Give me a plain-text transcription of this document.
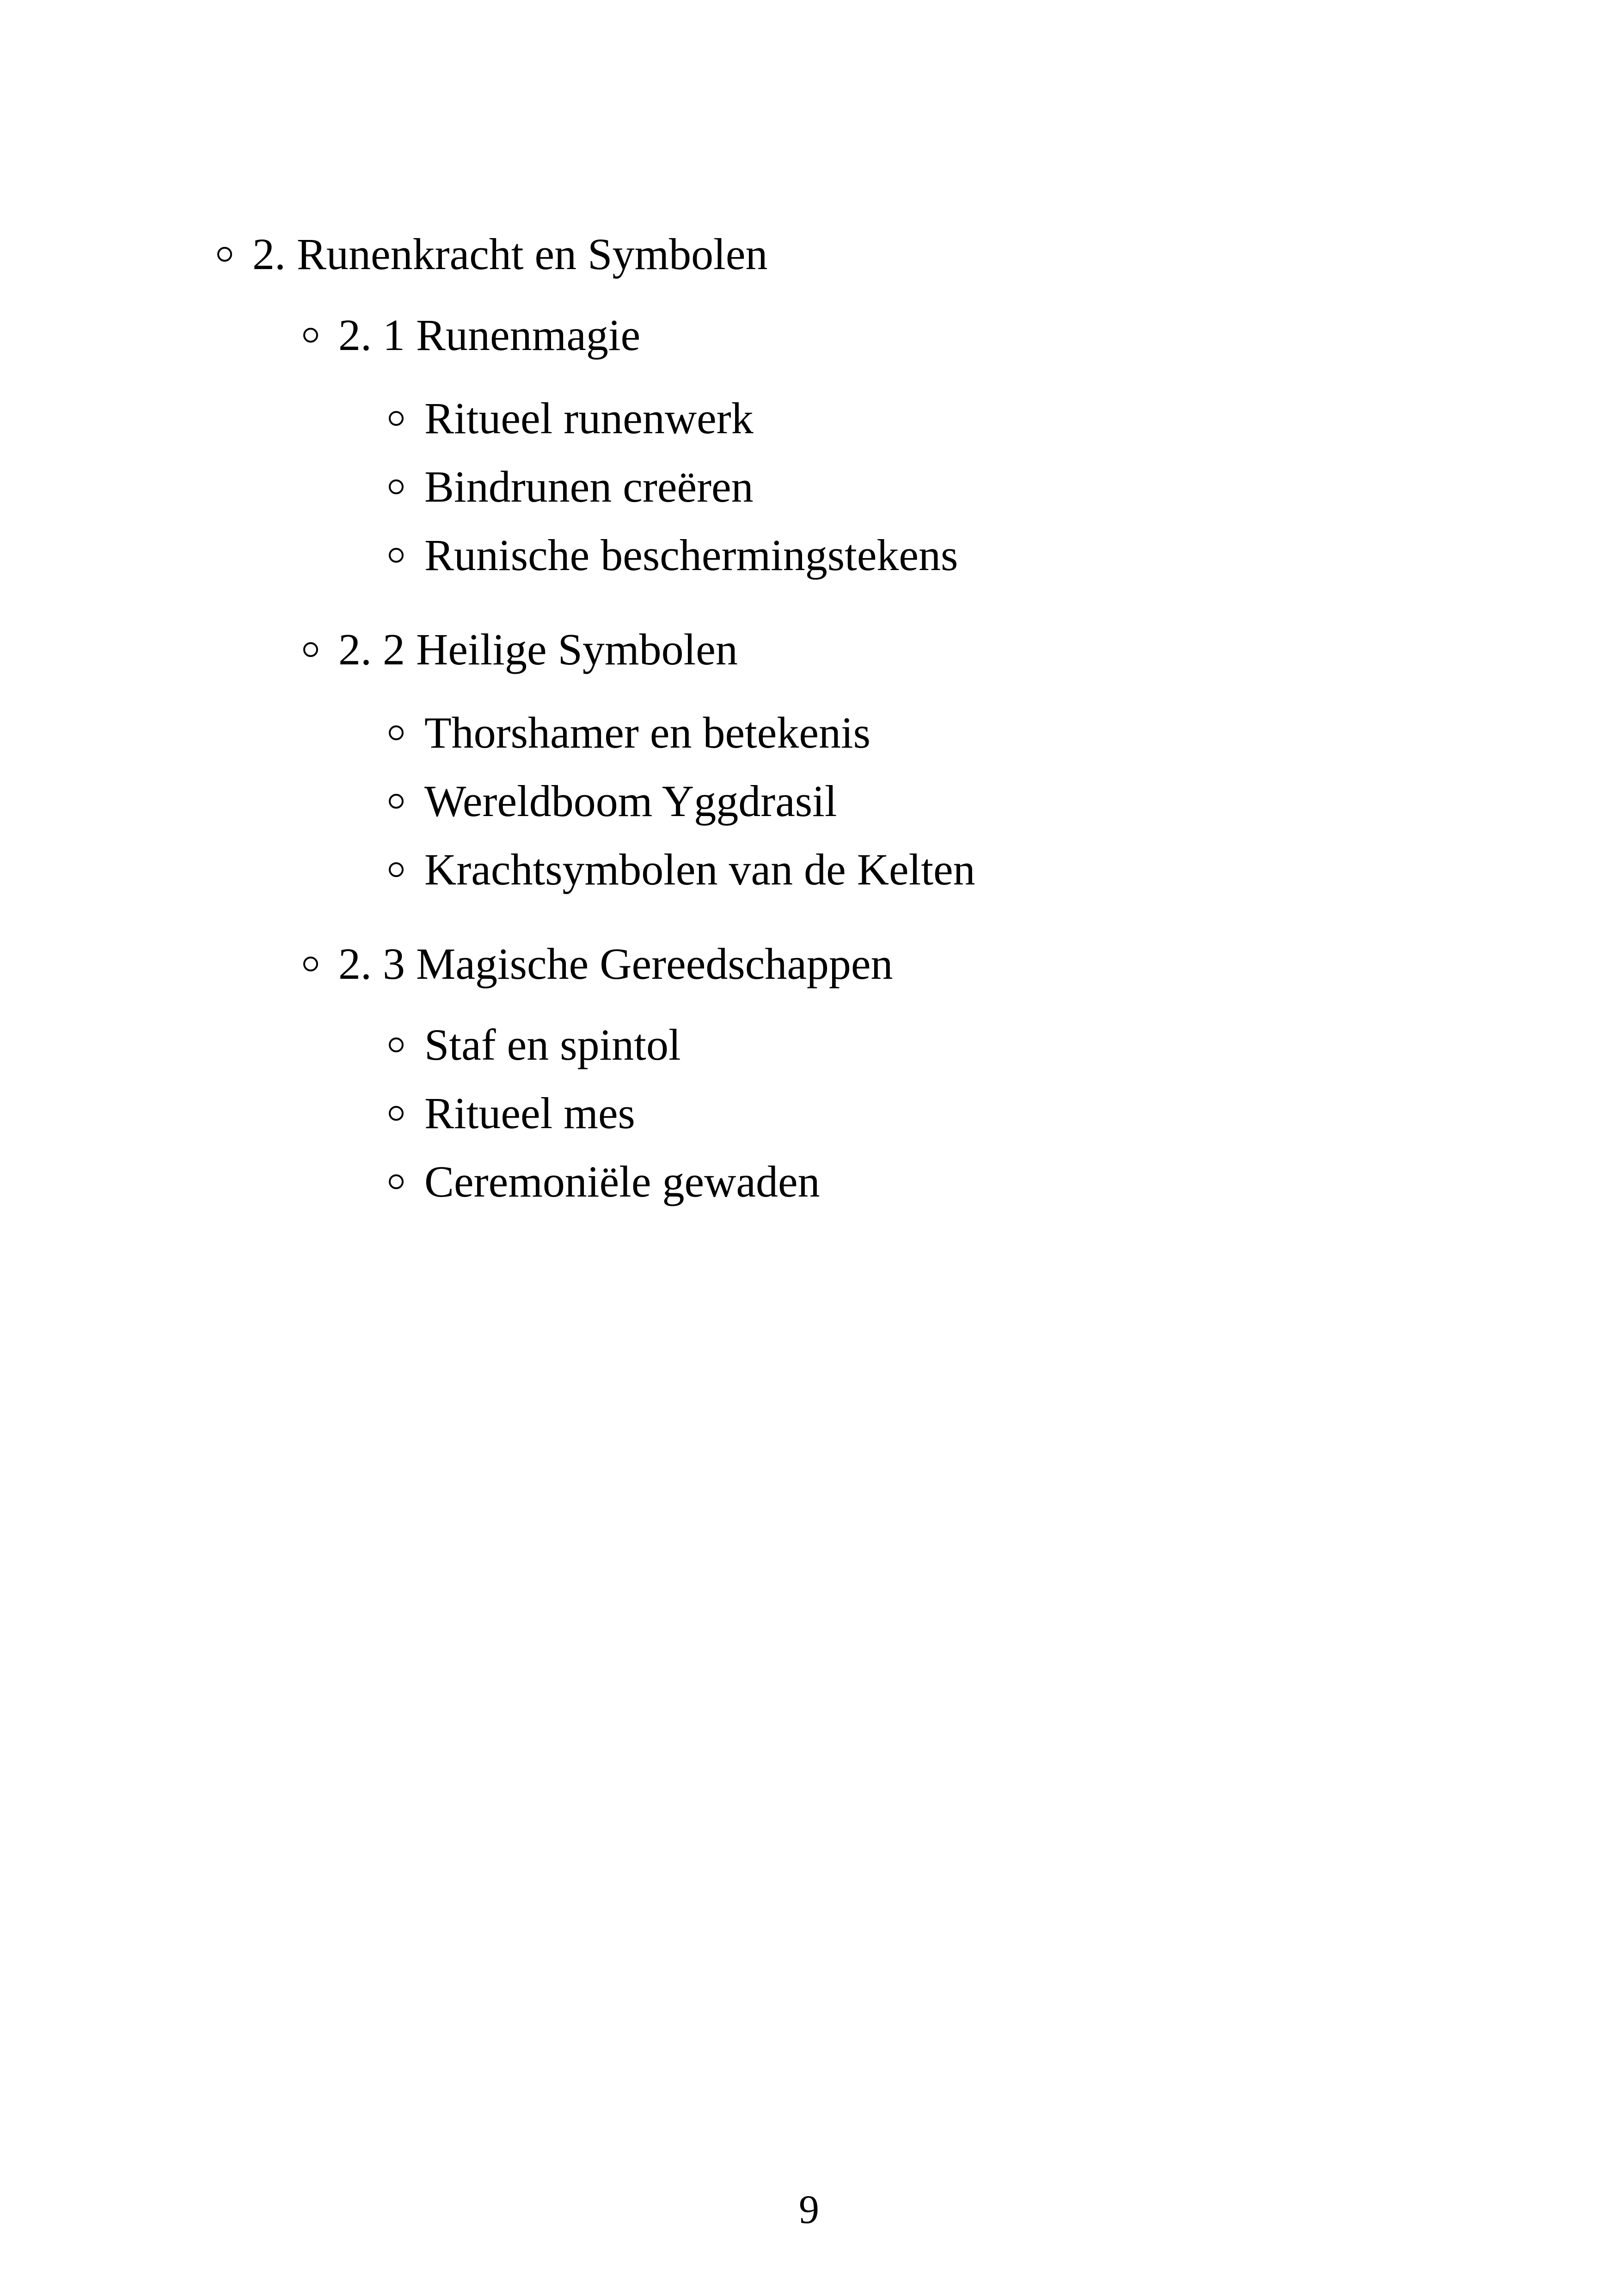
2. Runenkracht en Symbolen
2. 1 Runenmagie
Ritueel runenwerk
Bindrunen creëren
Runische beschermingstekens
2. 2 Heilige Symbolen
Thorshamer en betekenis
Wereldboom Yggdrasil
Krachtsymbolen van de Kelten
2. 3 Magische Gereedschappen
Staf en spintol
Ritueel mes
Ceremoniële gewaden
9
